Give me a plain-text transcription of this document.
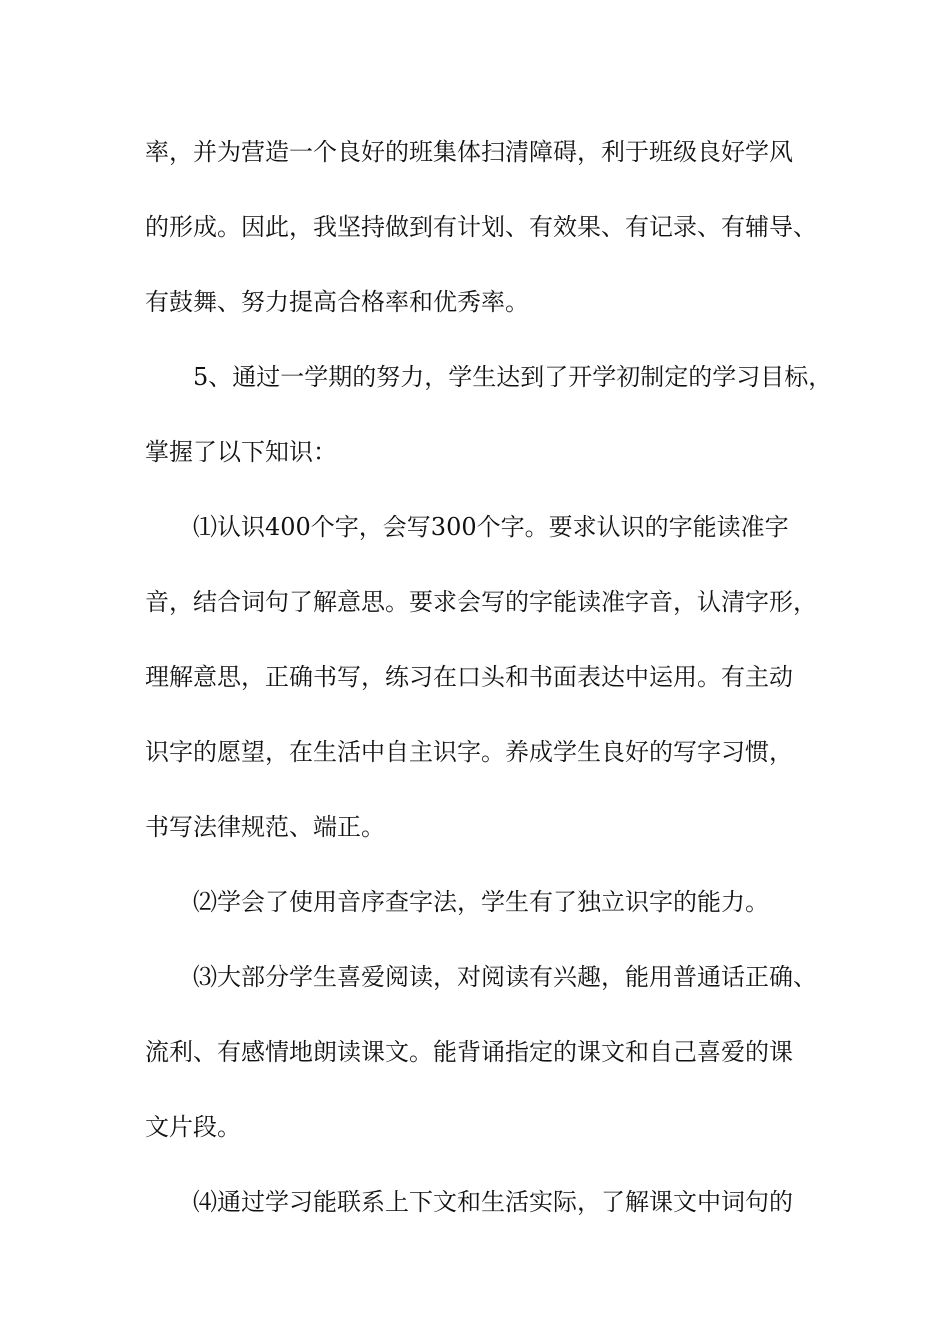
率，并为营造一个良好的班集体扫清障碍，利于班级良好学风
的形成。因此，我坚持做到有计划、有效果、有记录、有辅导、
有鼓舞、努力提高合格率和优秀率。
5、通过一学期的努力，学生达到了开学初制定的学习目标，
掌握了以下知识：
⑴认识400个字，会写300个字。要求认识的字能读准字
音，结合词句了解意思。要求会写的字能读准字音，认清字形，
理解意思，正确书写，练习在口头和书面表达中运用。有主动
识字的愿望，在生活中自主识字。养成学生良好的写字习惯，
书写法律规范、端正。
⑵学会了使用音序查字法，学生有了独立识字的能力。
⑶大部分学生喜爱阅读，对阅读有兴趣，能用普通话正确、
流利、有感情地朗读课文。能背诵指定的课文和自己喜爱的课
文片段。
⑷通过学习能联系上下文和生活实际，了解课文中词句的
